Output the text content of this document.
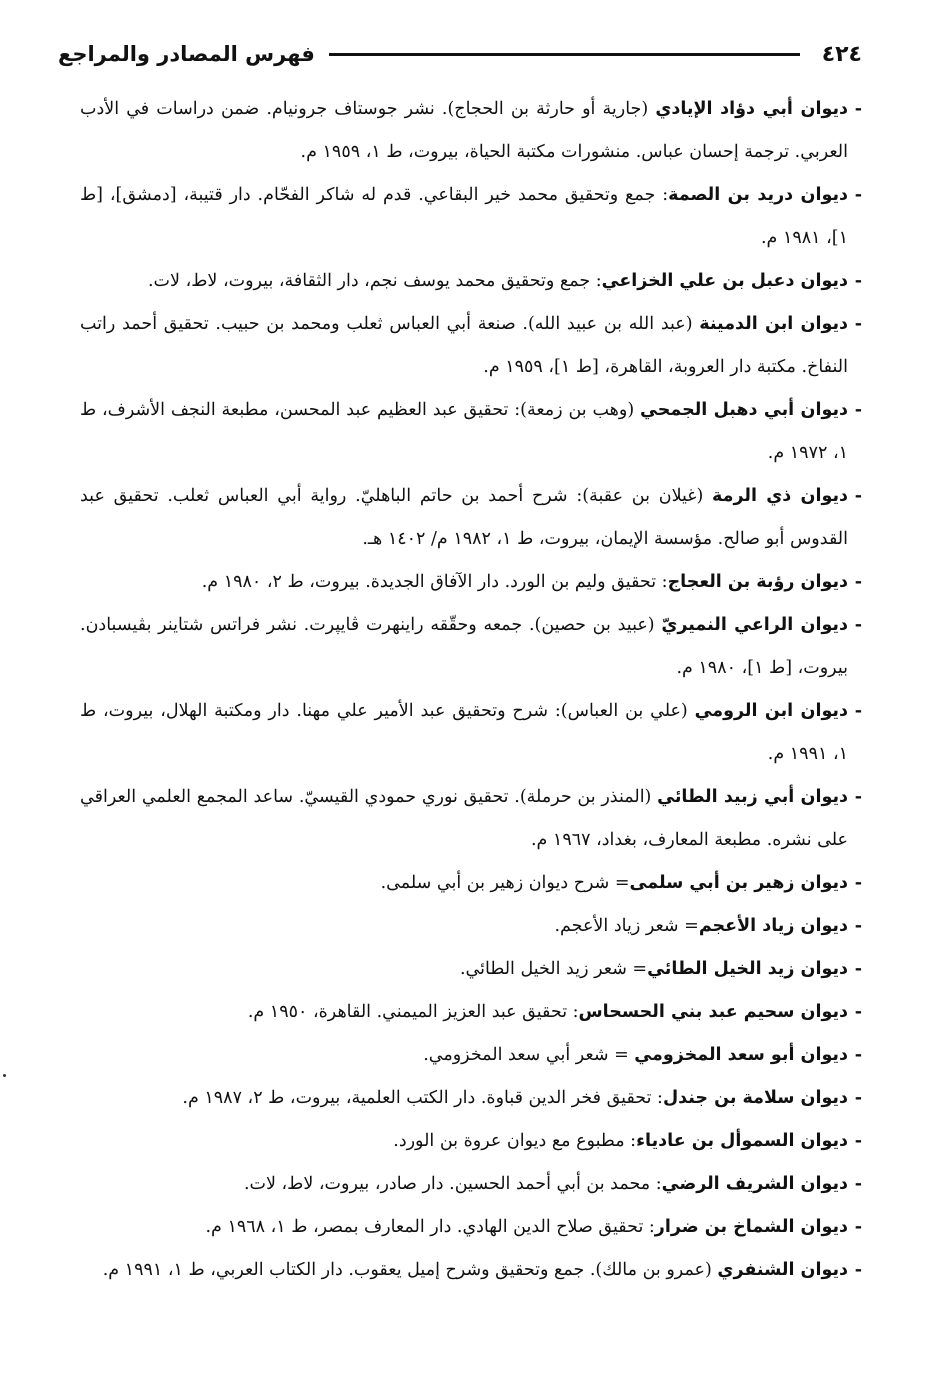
٤٢٤
فهرس المصادر والمراجع

-
ديوان أبي دؤاد الإيادي (جارية أو حارثة بن الحجاج). نشر جوستاف جرونيام. ضمن دراسات في الأدب العربي. ترجمة إحسان عباس. منشورات مكتبة الحياة، بيروت، ط ١، ١٩٥٩ م.

-
ديوان دريد بن الصمة: جمع وتحقيق محمد خير البقاعي. قدم له شاكر الفحّام. دار قتيبة، [دمشق]، [ط ١]، ١٩٨١ م.

-
ديوان دعبل بن علي الخزاعي: جمع وتحقيق محمد يوسف نجم، دار الثقافة، بيروت، لاط، لات.

-
ديوان ابن الدمينة (عبد الله بن عبيد الله). صنعة أبي العباس ثعلب ومحمد بن حبيب. تحقيق أحمد راتب النفاخ. مكتبة دار العروبة، القاهرة، [ط ١]، ١٩٥٩ م.

-
ديوان أبي دهبل الجمحي (وهب بن زمعة): تحقيق عبد العظيم عبد المحسن، مطبعة النجف الأشرف، ط ١، ١٩٧٢ م.

-
ديوان ذي الرمة (غيلان بن عقبة): شرح أحمد بن حاتم الباهليّ. رواية أبي العباس ثعلب. تحقيق عبد القدوس أبو صالح. مؤسسة الإيمان، بيروت، ط ١، ١٩٨٢ م/ ١٤٠٢ هـ.

-
ديوان رؤبة بن العجاج: تحقيق وليم بن الورد. دار الآفاق الجديدة. بيروت، ط ٢، ١٩٨٠ م.

-
ديوان الراعي النميريّ (عبيد بن حصين). جمعه وحقّقه راينهرت ڤايپرت. نشر فراتس شتاينر بڤيسبادن. بيروت، [ط ١]، ١٩٨٠ م.

-
ديوان ابن الرومي (علي بن العباس): شرح وتحقيق عبد الأمير علي مهنا. دار ومكتبة الهلال، بيروت، ط ١، ١٩٩١ م.

-
ديوان أبي زبيد الطائي (المنذر بن حرملة). تحقيق نوري حمودي القيسيّ. ساعد المجمع العلمي العراقي على نشره. مطبعة المعارف، بغداد، ١٩٦٧ م.

-
ديوان زهير بن أبي سلمى= شرح ديوان زهير بن أبي سلمى.

-
ديوان زياد الأعجم= شعر زياد الأعجم.

-
ديوان زيد الخيل الطائي= شعر زيد الخيل الطائي.

-
ديوان سحيم عبد بني الحسحاس: تحقيق عبد العزيز الميمني. القاهرة، ١٩٥٠ م.

-
ديوان أبو سعد المخزومي = شعر أبي سعد المخزومي.

-
ديوان سلامة بن جندل: تحقيق فخر الدين قباوة. دار الكتب العلمية، بيروت، ط ٢، ١٩٨٧ م.

-
ديوان السموأل بن عادياء: مطبوع مع ديوان عروة بن الورد.

-
ديوان الشريف الرضي: محمد بن أبي أحمد الحسين. دار صادر، بيروت، لاط، لات.

-
ديوان الشماخ بن ضرار: تحقيق صلاح الدين الهادي. دار المعارف بمصر، ط ١، ١٩٦٨ م.

-
ديوان الشنفري (عمرو بن مالك). جمع وتحقيق وشرح إميل يعقوب. دار الكتاب العربي، ط ١، ١٩٩١ م.
